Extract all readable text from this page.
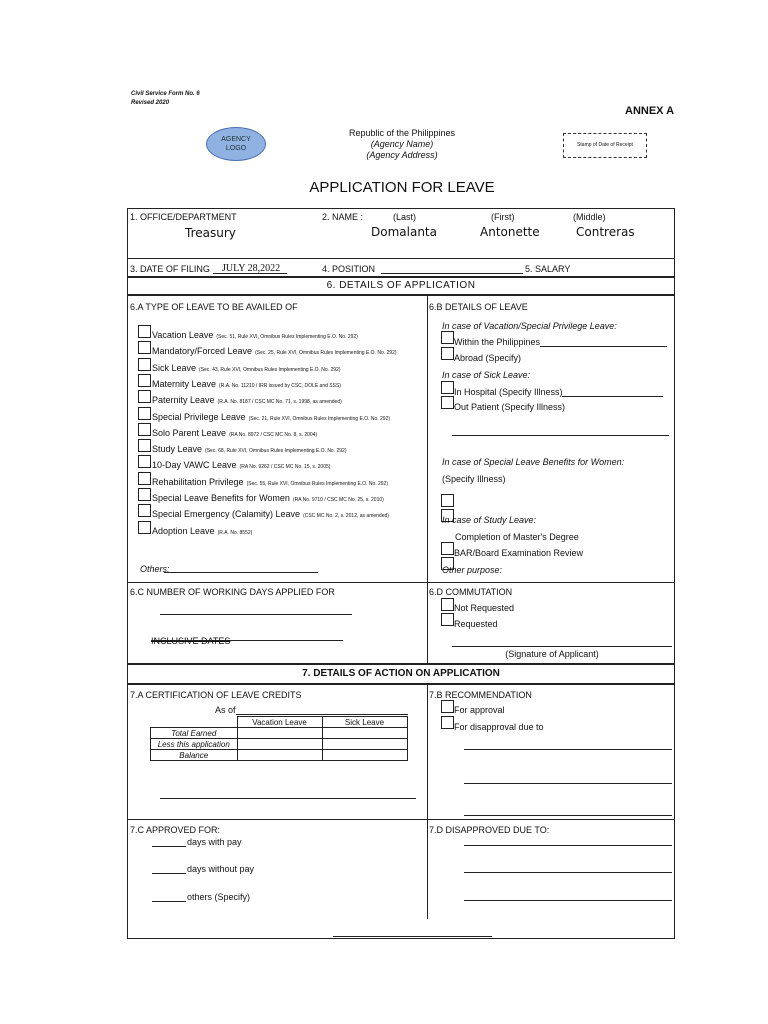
Civil Service Form No. 6
Revised 2020
ANNEX A
AGENCY
LOGO
Republic of the Philippines
(Agency Name)
(Agency Address)
Stamp of Date of Receipt
APPLICATION FOR LEAVE
1. OFFICE/DEPARTMENT
Treasury
2. NAME :	(Last)	(First)	(Middle)
Domalanta	Antonette	Contreras
3. DATE OF FILING JULY 28,2022	4. POSITION	5. SALARY
6. DETAILS OF APPLICATION
6.A TYPE OF LEAVE TO BE AVAILED OF
Vacation Leave (Sec. 51, Rule XVI, Omnibus Rules Implementing E.O. No. 292)
Mandatory/Forced Leave (Sec. 25, Rule XVI, Omnibus Rules Implementing E.O. No. 292)
Sick Leave (Sec. 43, Rule XVI, Omnibus Rules Implementing E.O. No. 292)
Maternity Leave (R.A. No. 11210 / IRR issued by CSC, DOLE and SSS)
Paternity Leave (R.A. No. 8187 / CSC MC No. 71, s. 1998, as amended)
Special Privilege Leave (Sec. 21, Rule XVI, Omnibus Rules Implementing E.O. No. 292)
Solo Parent Leave (RA No. 8972 / CSC MC No. 8, s. 2004)
Study Leave (Sec. 68, Rule XVI, Omnibus Rules Implementing E.O. No. 292)
10-Day VAWC Leave (RA No. 9262 / CSC MC No. 15, s. 2005)
Rehabilitation Privilege (Sec. 55, Rule XVI, Omnibus Rules Implementing E.O. No. 292)
Special Leave Benefits for Women (RA No. 9710 / CSC MC No. 25, s. 2010)
Special Emergency (Calamity) Leave (CSC MC No. 2, s. 2012, as amended)
Adoption Leave (R.A. No. 8552)
Others:
6.B DETAILS OF LEAVE
In case of Vacation/Special Privilege Leave:
Within the Philippines
Abroad (Specify)
In case of Sick Leave:
In Hospital (Specify Illness)
Out Patient (Specify Illness)
In case of Special Leave Benefits for Women:
(Specify Illness)
In case of Study Leave:
Completion of Master's Degree
BAR/Board Examination Review
Other purpose:
6.C NUMBER OF WORKING DAYS APPLIED FOR
INCLUSIVE DATES
6.D COMMUTATION
Not Requested
Requested
(Signature of Applicant)
7. DETAILS OF ACTION ON APPLICATION
7.A CERTIFICATION OF LEAVE CREDITS
As of
	Vacation Leave	Sick Leave
Total Earned		
Less this application		
Balance		
7.B RECOMMENDATION
For approval
For disapproval due to
7.C APPROVED FOR:
days with pay
days without pay
others (Specify)
7.D DISAPPROVED DUE TO:
